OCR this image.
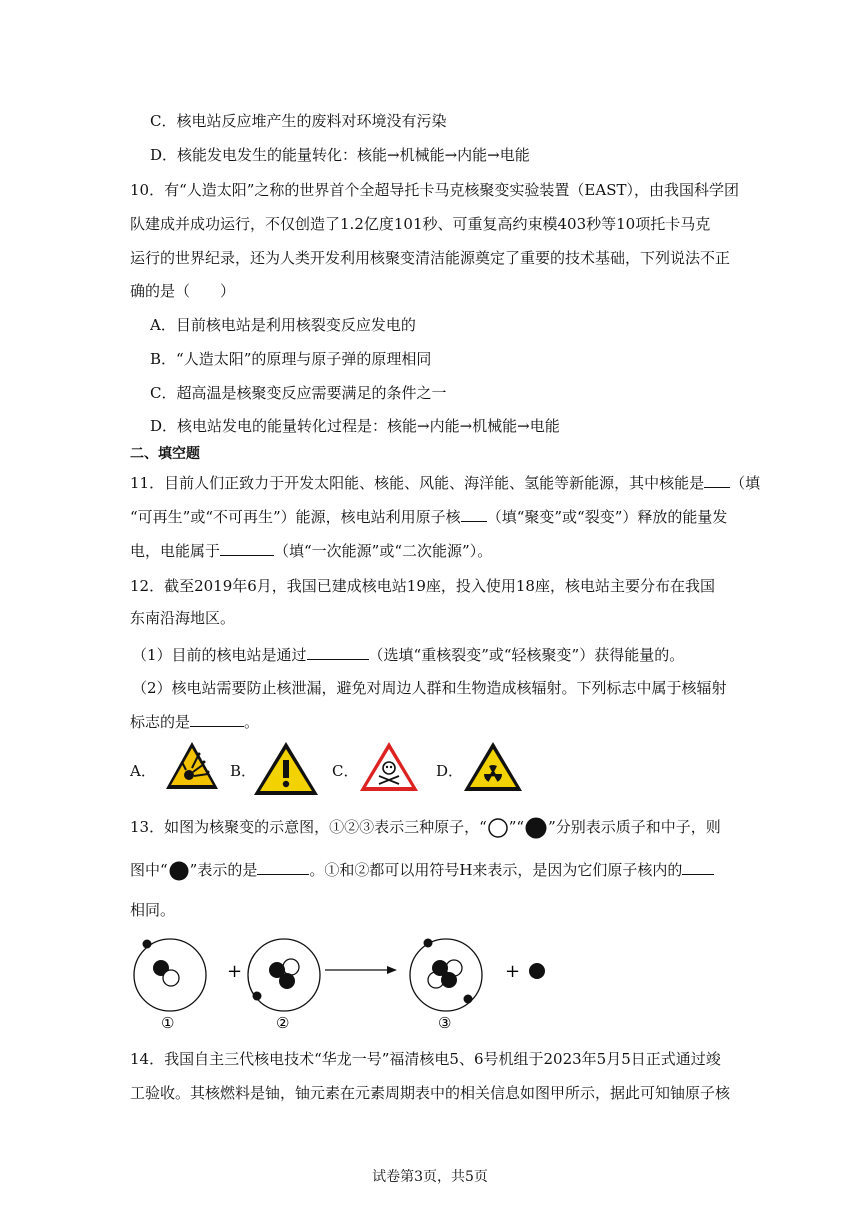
C．核电站反应堆产生的废料对环境没有污染
D．核能发电发生的能量转化：核能→机械能→内能→电能
10．有“人造太阳”之称的世界首个全超导托卡马克核聚变实验装置（EAST），由我国科学团
队建成并成功运行，不仅创造了1.2亿度101秒、可重复高约束模403秒等10项托卡马克
运行的世界纪录，还为人类开发利用核聚变清洁能源奠定了重要的技术基础，下列说法不正
确的是（　　）
A．目前核电站是利用核裂变反应发电的
B．“人造太阳”的原理与原子弹的原理相同
C．超高温是核聚变反应需要满足的条件之一
D．核电站发电的能量转化过程是：核能→内能→机械能→电能
二、填空题
11．目前人们正致力于开发太阳能、核能、风能、海洋能、氢能等新能源，其中核能是 （填
“可再生”或“不可再生”）能源，核电站利用原子核 （填“聚变”或“裂变”）释放的能量发
电，电能属于	（填“一次能源”或“二次能源”）。
12．截至2019年6月，我国已建成核电站19座，投入使用18座，核电站主要分布在我国
东南沿海地区。
（1）目前的核电站是通过	（选填“重核裂变”或“轻核聚变”）获得能量的。
（2）核电站需要防止核泄漏，避免对周边人群和生物造成核辐射。下列标志中属于核辐射
标志的是	。
A．	B．	C．	D．
13．如图为核聚变的示意图，①②③表示三种原子，“ ”“ ”分别表示质子和中子，则
图中“ ”表示的是	。①和②都可以用符号H来表示，是因为它们原子核内的
相同。
+	+
①	②	③
14．我国自主三代核电技术“华龙一号”福清核电5、6号机组于2023年5月5日正式通过竣
工验收。其核燃料是铀，铀元素在元素周期表中的相关信息如图甲所示，据此可知铀原子核
试卷第3页，共5页
